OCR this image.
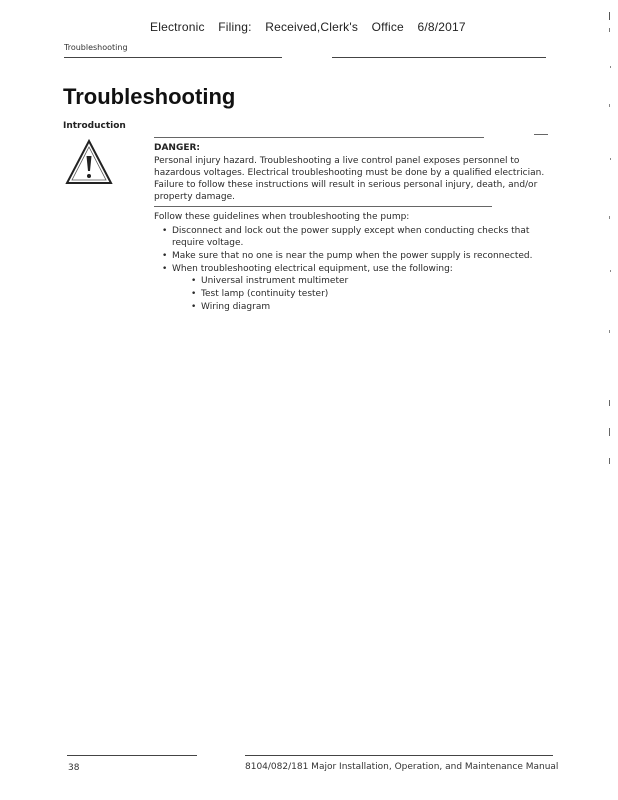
Electronic Filing: Received,Clerk's Office 6/8/2017
Troubleshooting
Troubleshooting
Introduction
DANGER:
Personal injury hazard. Troubleshooting a live control panel exposes personnel to hazardous voltages. Electrical troubleshooting must be done by a qualified electrician. Failure to follow these instructions will result in serious personal injury, death, and/or property damage.
Follow these guidelines when troubleshooting the pump:
• Disconnect and lock out the power supply except when conducting checks that require voltage.
• Make sure that no one is near the pump when the power supply is reconnected.
• When troubleshooting electrical equipment, use the following:
• Universal instrument multimeter
• Test lamp (continuity tester)
• Wiring diagram
38	8104/082/181 Major Installation, Operation, and Maintenance Manual
